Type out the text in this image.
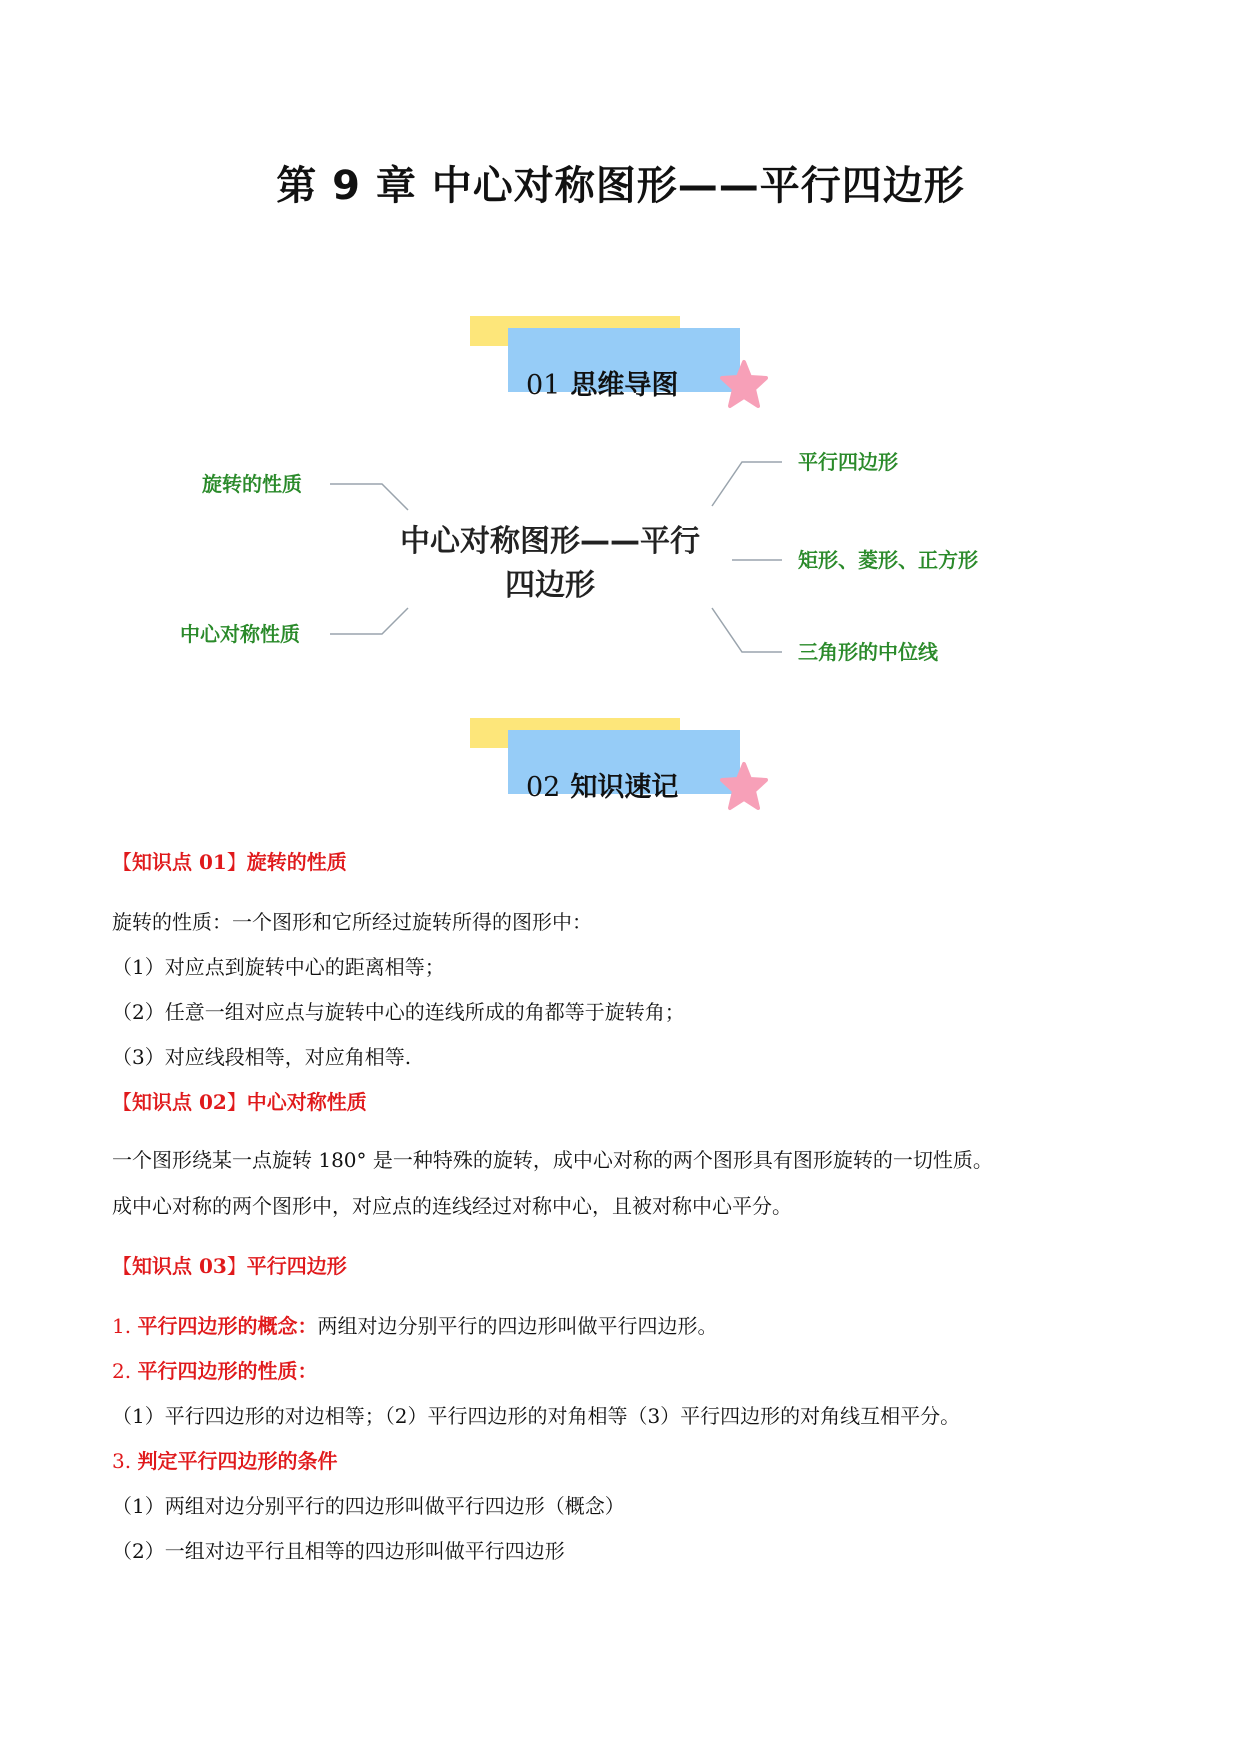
第 9 章 中心对称图形——平行四边形
01 思维导图
中心对称图形——平行四边形
旋转的性质
中心对称性质
平行四边形
矩形、菱形、正方形
三角形的中位线
02 知识速记
【知识点 01】旋转的性质

旋转的性质：一个图形和它所经过旋转所得的图形中：

（1）对应点到旋转中心的距离相等；

（2）任意一组对应点与旋转中心的连线所成的角都等于旋转角；

（3）对应线段相等，对应角相等.

【知识点 02】中心对称性质

一个图形绕某一点旋转 180° 是一种特殊的旋转，成中心对称的两个图形具有图形旋转的一切性质。

成中心对称的两个图形中，对应点的连线经过对称中心，且被对称中心平分。

【知识点 03】平行四边形

1. 平行四边形的概念：两组对边分别平行的四边形叫做平行四边形。

2. 平行四边形的性质：

（1）平行四边形的对边相等；（2）平行四边形的对角相等（3）平行四边形的对角线互相平分。

3. 判定平行四边形的条件

（1）两组对边分别平行的四边形叫做平行四边形（概念）

（2）一组对边平行且相等的四边形叫做平行四边形
